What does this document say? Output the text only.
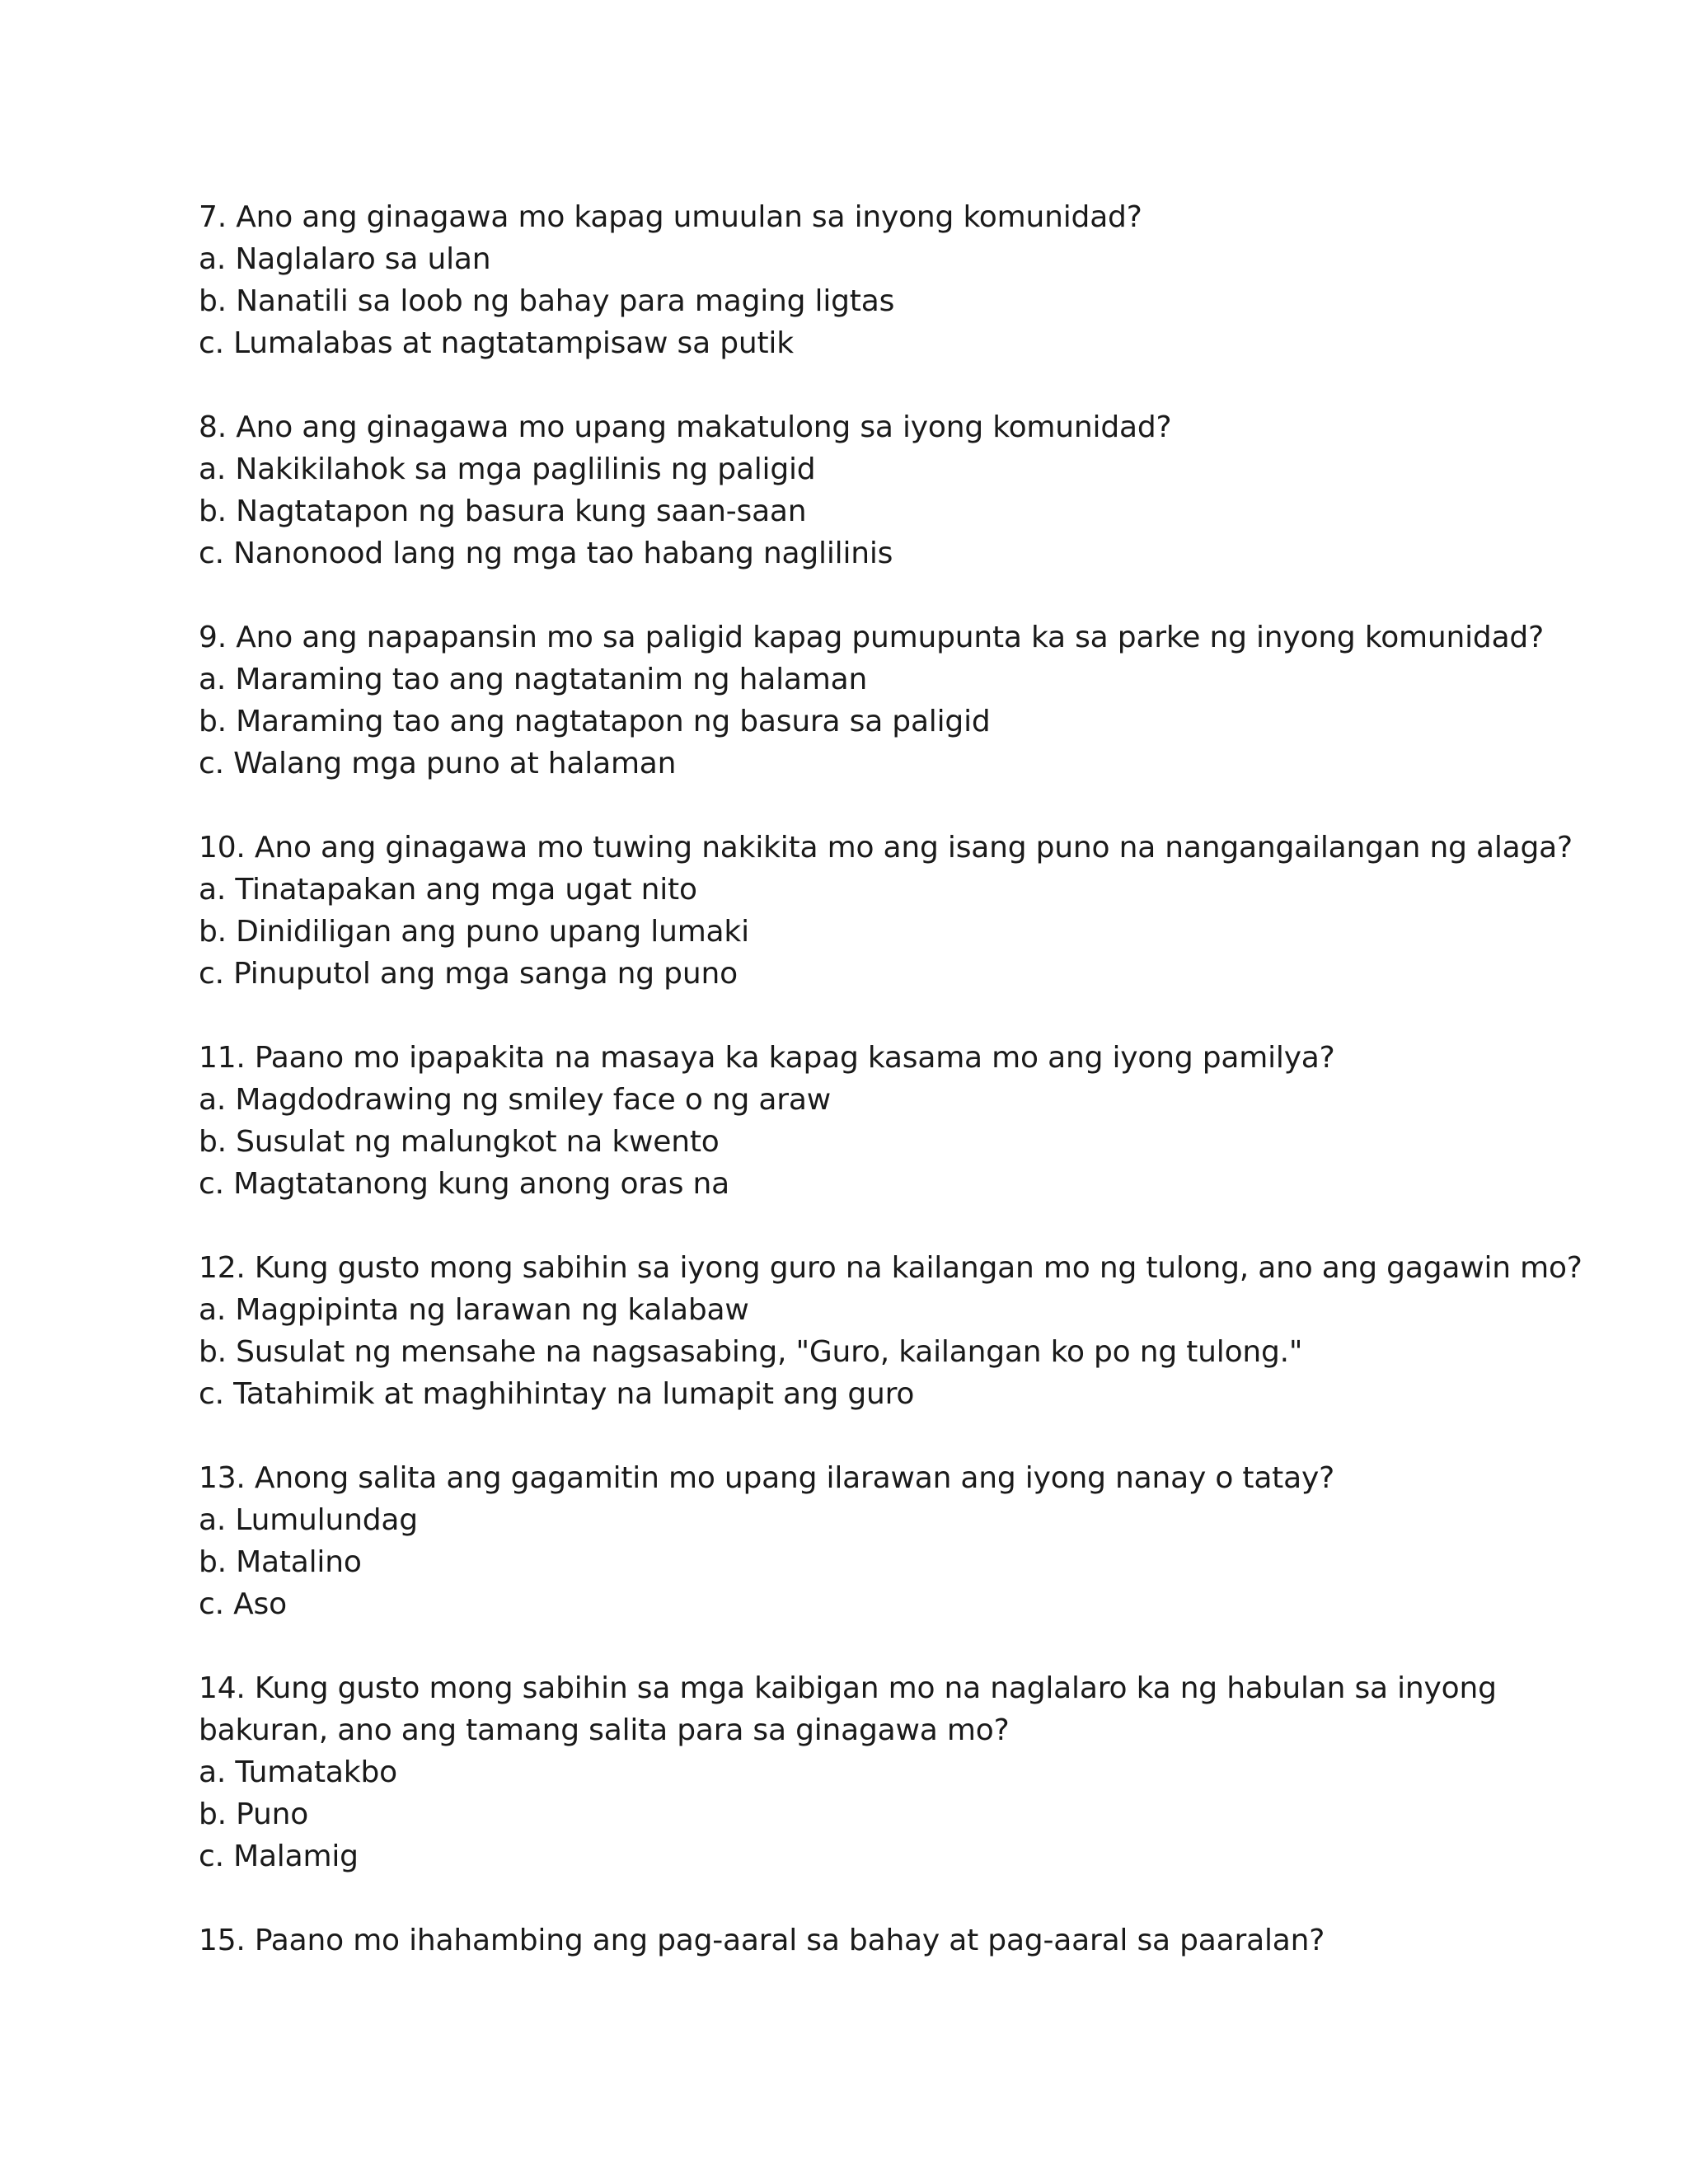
7. Ano ang ginagawa mo kapag umuulan sa inyong komunidad?
a. Naglalaro sa ulan
b. Nanatili sa loob ng bahay para maging ligtas
c. Lumalabas at nagtatampisaw sa putik
8. Ano ang ginagawa mo upang makatulong sa iyong komunidad?
a. Nakikilahok sa mga paglilinis ng paligid
b. Nagtatapon ng basura kung saan-saan
c. Nanonood lang ng mga tao habang naglilinis
9. Ano ang napapansin mo sa paligid kapag pumupunta ka sa parke ng inyong komunidad?
a. Maraming tao ang nagtatanim ng halaman
b. Maraming tao ang nagtatapon ng basura sa paligid
c. Walang mga puno at halaman
10. Ano ang ginagawa mo tuwing nakikita mo ang isang puno na nangangailangan ng alaga?
a. Tinatapakan ang mga ugat nito
b. Dinidiligan ang puno upang lumaki
c. Pinuputol ang mga sanga ng puno
11. Paano mo ipapakita na masaya ka kapag kasama mo ang iyong pamilya?
a. Magdodrawing ng smiley face o ng araw
b. Susulat ng malungkot na kwento
c. Magtatanong kung anong oras na
12. Kung gusto mong sabihin sa iyong guro na kailangan mo ng tulong, ano ang gagawin mo?
a. Magpipinta ng larawan ng kalabaw
b. Susulat ng mensahe na nagsasabing, "Guro, kailangan ko po ng tulong."
c. Tatahimik at maghihintay na lumapit ang guro
13. Anong salita ang gagamitin mo upang ilarawan ang iyong nanay o tatay?
a. Lumulundag
b. Matalino
c. Aso
14. Kung gusto mong sabihin sa mga kaibigan mo na naglalaro ka ng habulan sa inyong
bakuran, ano ang tamang salita para sa ginagawa mo?
a. Tumatakbo
b. Puno
c. Malamig
15. Paano mo ihahambing ang pag-aaral sa bahay at pag-aaral sa paaralan?
